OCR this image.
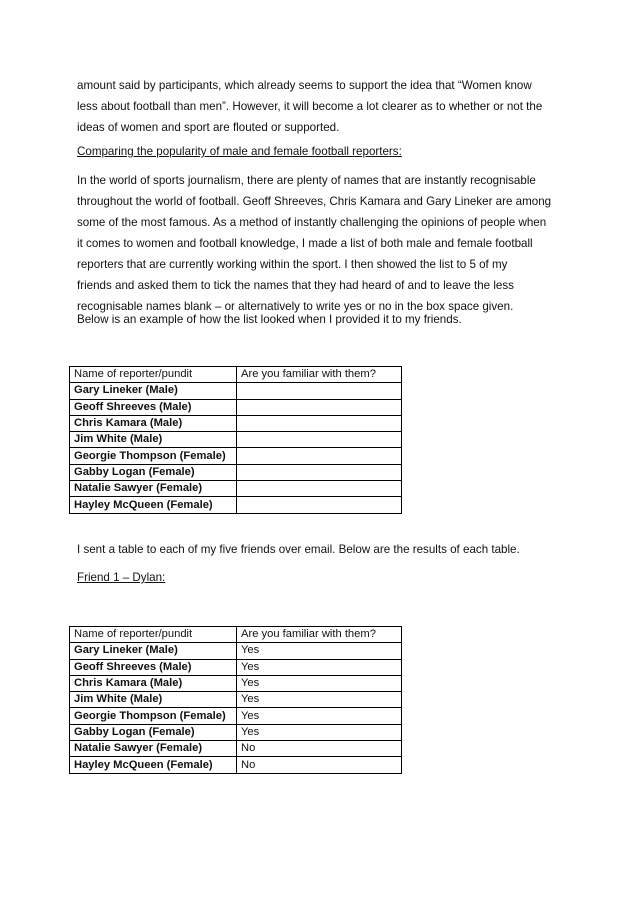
amount said by participants, which already seems to support the idea that “Women know
less about football than men”. However, it will become a lot clearer as to whether or not the
ideas of women and sport are flouted or supported.

Comparing the popularity of male and female football reporters:

In the world of sports journalism, there are plenty of names that are instantly recognisable
throughout the world of football. Geoff Shreeves, Chris Kamara and Gary Lineker are among
some of the most famous. As a method of instantly challenging the opinions of people when
it comes to women and football knowledge, I made a list of both male and female football
reporters that are currently working within the sport. I then showed the list to 5 of my
friends and asked them to tick the names that they had heard of and to leave the less
recognisable names blank – or alternatively to write yes or no in the box space given.

Below is an example of how the list looked when I provided it to my friends.

Name of reporter/pundit	Are you familiar with them?
Gary Lineker (Male)	
Geoff Shreeves (Male)	
Chris Kamara (Male)	
Jim White (Male)	
Georgie Thompson (Female)	
Gabby Logan (Female)	
Natalie Sawyer (Female)	
Hayley McQueen (Female)	

I sent a table to each of my five friends over email. Below are the results of each table.

Friend 1 – Dylan:

Name of reporter/pundit	Are you familiar with them?
Gary Lineker (Male)	Yes
Geoff Shreeves (Male)	Yes
Chris Kamara (Male)	Yes
Jim White (Male)	Yes
Georgie Thompson (Female)	Yes
Gabby Logan (Female)	Yes
Natalie Sawyer (Female)	No
Hayley McQueen (Female)	No
